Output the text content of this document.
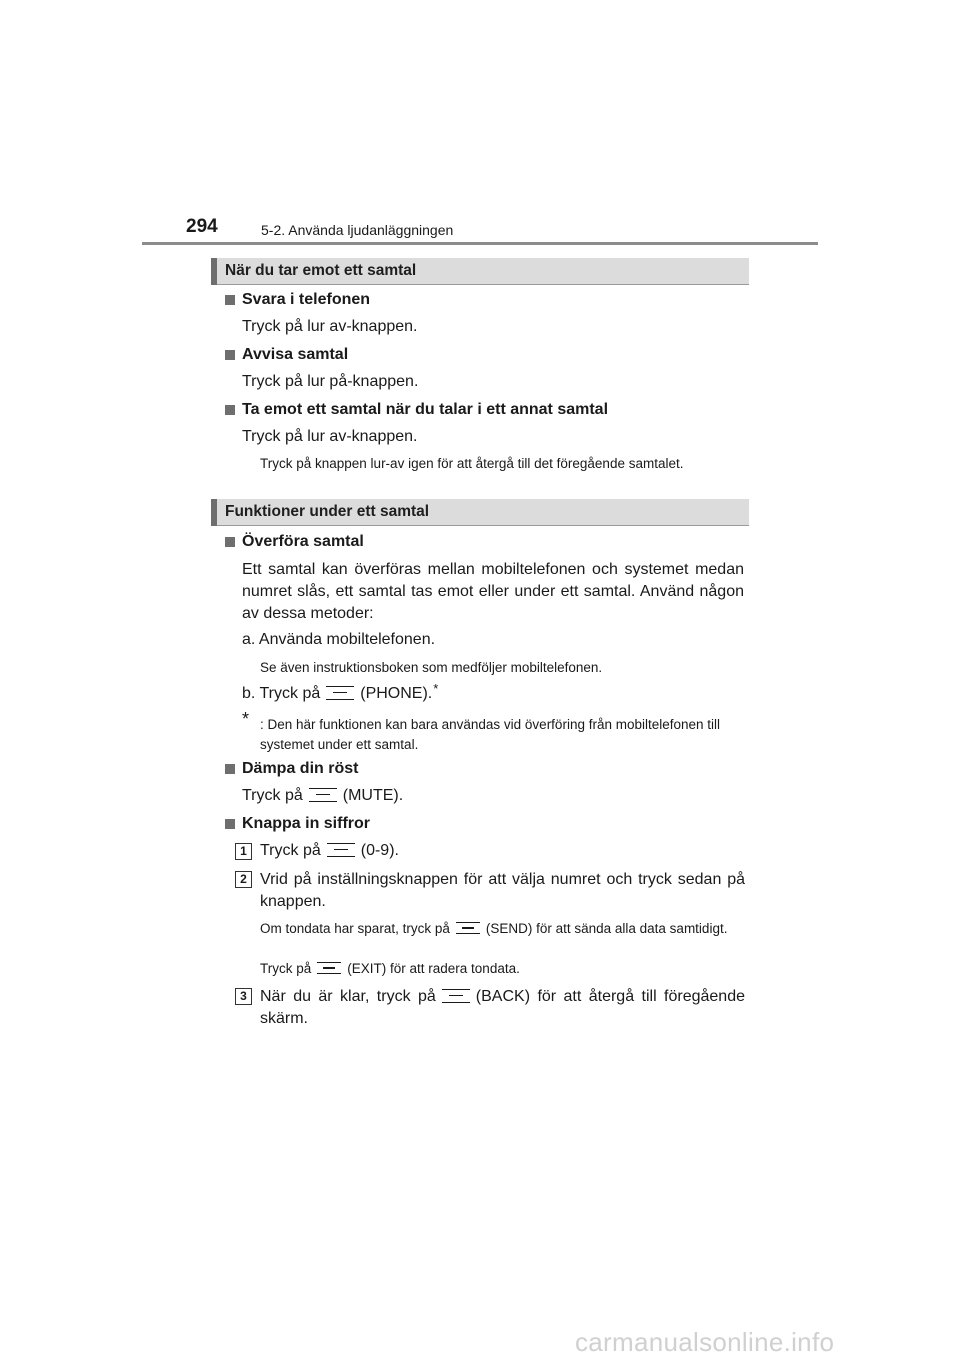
294	5-2. Använda ljudanläggningen
När du tar emot ett samtal
Svara i telefonen
Tryck på lur av-knappen.
Avvisa samtal
Tryck på lur på-knappen.
Ta emot ett samtal när du talar i ett annat samtal
Tryck på lur av-knappen.
Tryck på knappen lur-av igen för att återgå till det föregående samtalet.
Funktioner under ett samtal
Överföra samtal
Ett samtal kan överföras mellan mobiltelefonen och systemet medan numret slås, ett samtal tas emot eller under ett samtal. Använd någon av dessa metoder:
a. Använda mobiltelefonen.
Se även instruktionsboken som medföljer mobiltelefonen.
b. Tryck på	(PHONE).*
* : Den här funktionen kan bara användas vid överföring från mobiltelefonen till systemet under ett samtal.
Dämpa din röst
Tryck på	(MUTE).
Knappa in siffror
1 Tryck på	(0-9).
2 Vrid på inställningsknappen för att välja numret och tryck sedan på knappen.
Om tondata har sparat, tryck på	(SEND) för att sända alla data samtidigt.
Tryck på	(EXIT) för att radera tondata.
3 När du är klar, tryck på	(BACK) för att återgå till föregående skärm.
carmanualsonline.info
